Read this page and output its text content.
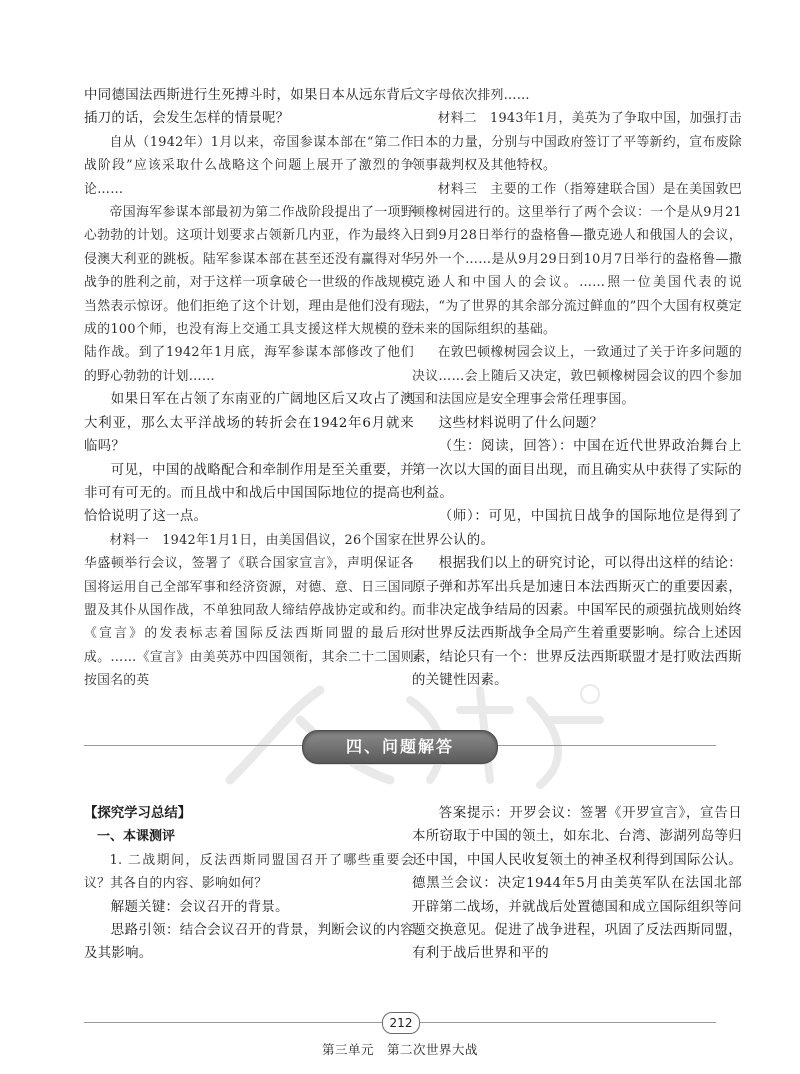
中同德国法西斯进行生死搏斗时，如果日本从远东背后插刀的话，会发生怎样的情景呢？

自从（1942年）1月以来，帝国参谋本部在“第二作战阶段”应该采取什么战略这个问题上展开了激烈的争论……

帝国海军参谋本部最初为第二作战阶段提出了一项野心勃勃的计划。这项计划要求占领新几内亚，作为最终入侵澳大利亚的跳板。陆军参谋本部在甚至还没有赢得对华战争的胜利之前，对于这样一项拿破仑一世级的作战规模当然表示惊讶。他们拒绝了这个计划，理由是他们没有现成的100个师，也没有海上交通工具支援这样大规模的登陆作战。到了1942年1月底，海军参谋本部修改了他们的野心勃勃的计划……

如果日军在占领了东南亚的广阔地区后又攻占了澳大利亚，那么太平洋战场的转折会在1942年6月就来临吗？

可见，中国的战略配合和牵制作用是至关重要，并非可有可无的。而且战中和战后中国国际地位的提高也恰恰说明了这一点。

材料一　1942年1月1日，由美国倡议，26个国家在华盛顿举行会议，签署了《联合国家宣言》，声明保证各国将运用自己全部军事和经济资源，对德、意、日三国同盟及其仆从国作战，不单独同敌人缔结停战协定或和约。《宣言》的发表标志着国际反法西斯同盟的最后形成。……《宣言》由美英苏中四国领衔，其余二十二国则按国名的英

文字母依次排列……

材料二　1943年1月，美英为了争取中国，加强打击日本的力量，分别与中国政府签订了平等新约，宣布废除领事裁判权及其他特权。

材料三　主要的工作（指筹建联合国）是在美国敦巴顿橡树园进行的。这里举行了两个会议：一个是从9月21日到9月28日举行的盎格鲁—撒克逊人和俄国人的会议，另外一个……是从9月29日到10月7日举行的盎格鲁—撒克逊人和中国人的会议。……照一位美国代表的说法，“为了世界的其余部分流过鲜血的”四个大国有权奠定未来的国际组织的基础。

在敦巴顿橡树园会议上，一致通过了关于许多问题的决议……会上随后又决定，敦巴顿橡树园会议的四个参加国和法国应是安全理事会常任理事国。

这些材料说明了什么问题？

（生：阅读，回答）：中国在近代世界政治舞台上第一次以大国的面目出现，而且确实从中获得了实际的利益。

（师）：可见，中国抗日战争的国际地位是得到了世界公认的。

根据我们以上的研究讨论，可以得出这样的结论：原子弹和苏军出兵是加速日本法西斯灭亡的重要因素，而非决定战争结局的因素。中国军民的顽强抗战则始终对世界反法西斯战争全局产生着重要影响。综合上述因素，结论只有一个：世界反法西斯联盟才是打败法西斯的关键性因素。

四、问题解答

【探究学习总结】

一、本课测评

1. 二战期间，反法西斯同盟国召开了哪些重要会议？其各自的内容、影响如何？

解题关键：会议召开的背景。

思路引领：结合会议召开的背景，判断会议的内容及其影响。

答案提示：开罗会议：签署《开罗宣言》，宣告日本所窃取于中国的领土，如东北、台湾、澎湖列岛等归还中国，中国人民收复领土的神圣权利得到国际公认。德黑兰会议：决定1944年5月由美英军队在法国北部开辟第二战场，并就战后处置德国和成立国际组织等问题交换意见。促进了战争进程，巩固了反法西斯同盟，有利于战后世界和平的

212
第三单元　第二次世界大战
